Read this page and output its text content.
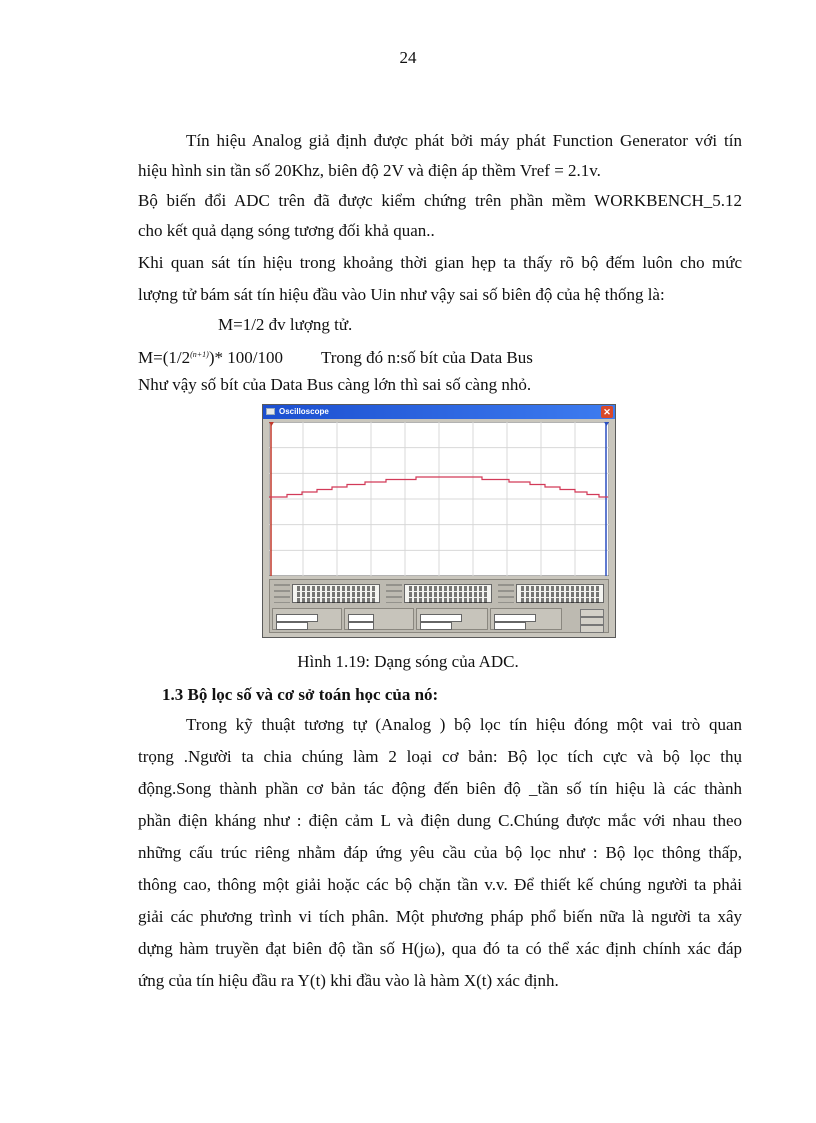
24
Tín hiệu Analog giả định được phát bởi máy phát Function Generator với tín
hiệu hình sin tần số 20Khz, biên độ 2V và điện áp thềm Vref = 2.1v.
Bộ biến đổi ADC trên đã được kiểm chứng trên phần mềm WORKBENCH_5.12
cho kết quả dạng sóng tương đối khả quan..
Khi quan sát tín hiệu trong khoảng thời gian hẹp ta thấy rõ bộ đếm luôn cho mức
lượng tử bám sát tín hiệu đầu vào Uin như vậy sai số biên độ của hệ thống là:
M=1/2 đv lượng tử.
$M=(1/2^{(n+1)})*$ 100/100 Trong đó n:số bít của Data Bus
Như vậy số bít của Data Bus càng lớn thì sai số càng nhỏ.
Oscilloscope	✕
Hình 1.19: Dạng sóng của ADC.
1.3 Bộ lọc số và cơ sở toán học của nó:
Trong kỹ thuật tương tự (Analog ) bộ lọc tín hiệu đóng một vai trò quan
trọng .Người ta chia chúng làm 2 loại cơ bản: Bộ lọc tích cực và bộ lọc thụ
động.Song thành phần cơ bản tác động đến biên độ _tần số tín hiệu là các thành
phần điện kháng như : điện cảm L và điện dung C.Chúng được mắc với nhau theo
những cấu trúc riêng nhằm đáp ứng yêu cầu của bộ lọc như : Bộ lọc thông thấp,
thông cao, thông một giải hoặc các bộ chặn tần v.v. Để thiết kế chúng người ta phải
giải các phương trình vi tích phân. Một phương pháp phổ biến nữa là người ta xây
dựng hàm truyền đạt biên độ tần số H(jω), qua đó ta có thể xác định chính xác đáp
ứng của tín hiệu đầu ra Y(t) khi đầu vào là hàm X(t) xác định.
